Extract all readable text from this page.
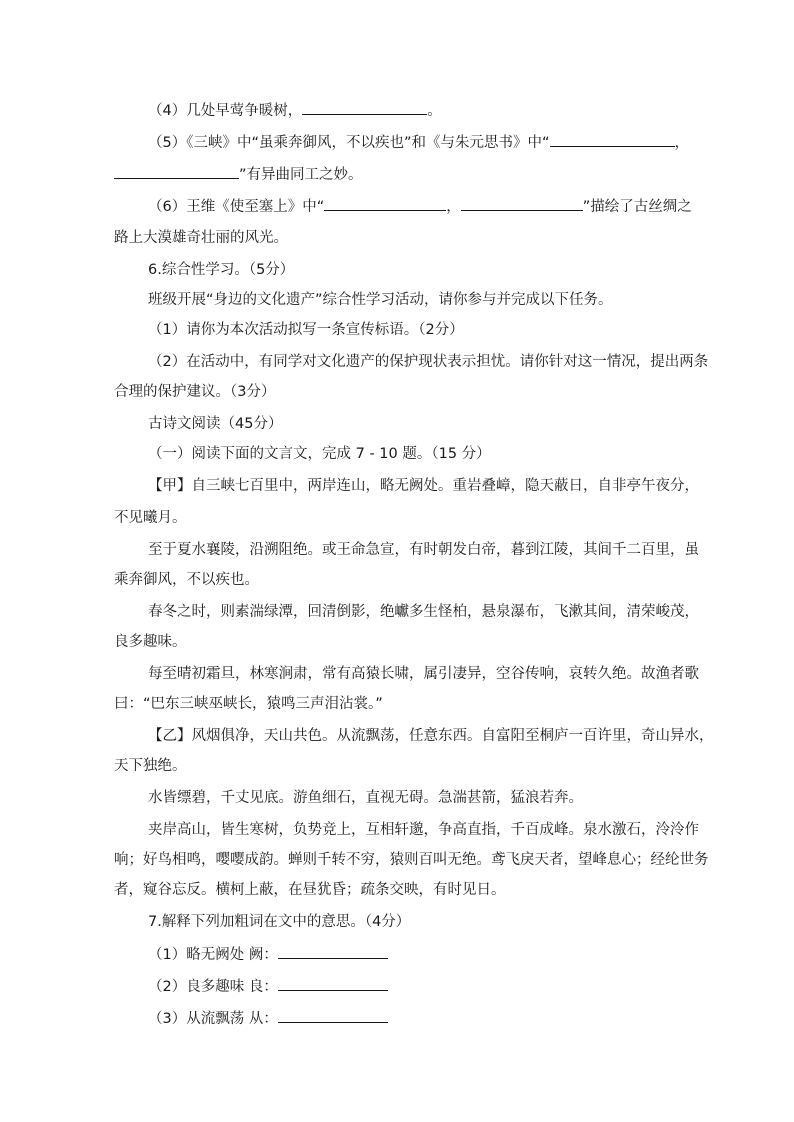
（4）几处早莺争暖树，	。
（5）《三峡》中“虽乘奔御风，不以疾也”和《与朱元思书》中“	，
”有异曲同工之妙。
（6）王维《使至塞上》中“	，	”描绘了古丝绸之
路上大漠雄奇壮丽的风光。
6.综合性学习。（5分）
班级开展“身边的文化遗产”综合性学习活动，请你参与并完成以下任务。
（1）请你为本次活动拟写一条宣传标语。（2分）
（2）在活动中，有同学对文化遗产的保护现状表示担忧。请你针对这一情况，提出两条
合理的保护建议。（3分）
古诗文阅读（45分）
（一）阅读下面的文言文，完成 7 - 10 题。（15 分）
【甲】自三峡七百里中，两岸连山，略无阙处。重岩叠嶂，隐天蔽日，自非亭午夜分，
不见曦月。
至于夏水襄陵，沿溯阻绝。或王命急宣，有时朝发白帝，暮到江陵，其间千二百里，虽
乘奔御风，不以疾也。
春冬之时，则素湍绿潭，回清倒影，绝巘多生怪柏，悬泉瀑布，飞漱其间，清荣峻茂，
良多趣味。
每至晴初霜旦，林寒涧肃，常有高猿长啸，属引凄异，空谷传响，哀转久绝。故渔者歌
曰：“巴东三峡巫峡长，猿鸣三声泪沾裳。”
【乙】风烟俱净，天山共色。从流飘荡，任意东西。自富阳至桐庐一百许里，奇山异水，
天下独绝。
水皆缥碧，千丈见底。游鱼细石，直视无碍。急湍甚箭，猛浪若奔。
夹岸高山，皆生寒树，负势竞上，互相轩邈，争高直指，千百成峰。泉水激石，泠泠作
响；好鸟相鸣，嘤嘤成韵。蝉则千转不穷，猿则百叫无绝。鸢飞戾天者，望峰息心；经纶世务
者，窥谷忘反。横柯上蔽，在昼犹昏；疏条交映，有时见日。
7.解释下列加粗词在文中的意思。（4分）
（1）略无阙处 阙：
（2）良多趣味 良：
（3）从流飘荡 从：
